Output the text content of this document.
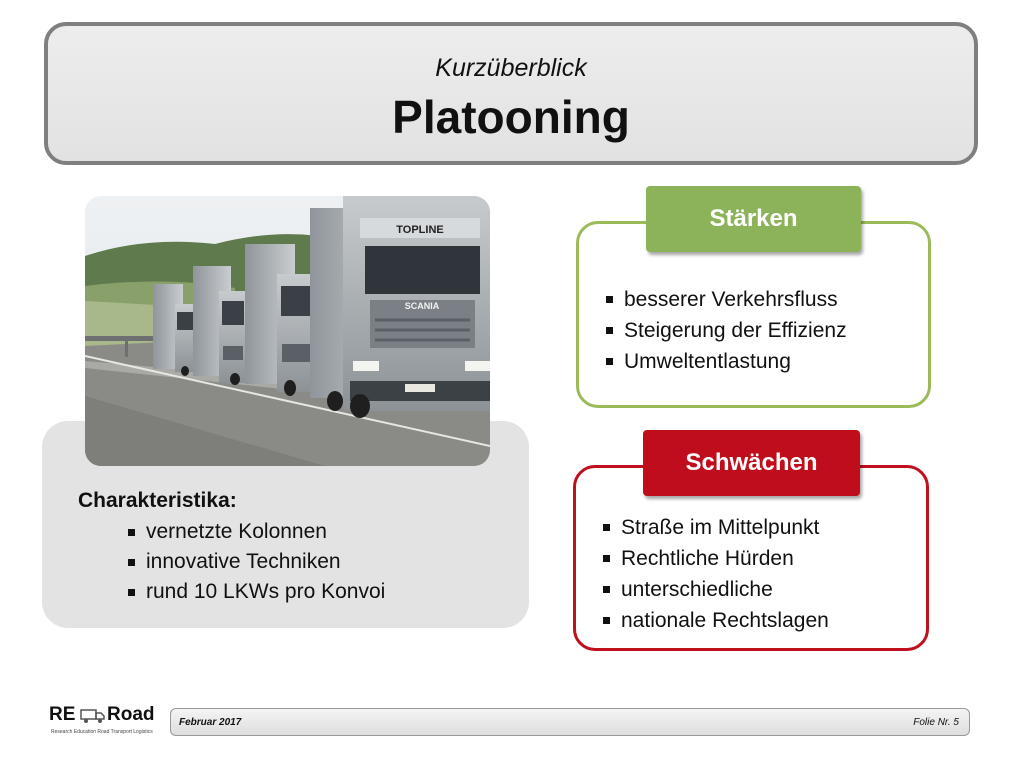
Kurzüberblick
Platooning
Charakteristika:
vernetzte Kolonnen
innovative Techniken
rund 10 LKWs pro Konvoi
TOPLINE
SCANIA	besserer Verkehrsfluss
Steigerung der Effizienz
Umweltentlastung
Stärken
Straße im Mittelpunkt
Rechtliche Hürden
unterschiedliche
nationale Rechtslagen
Schwächen
RE Road
Research Education Road Transport Logistics
Februar 2017	Folie Nr. 5
